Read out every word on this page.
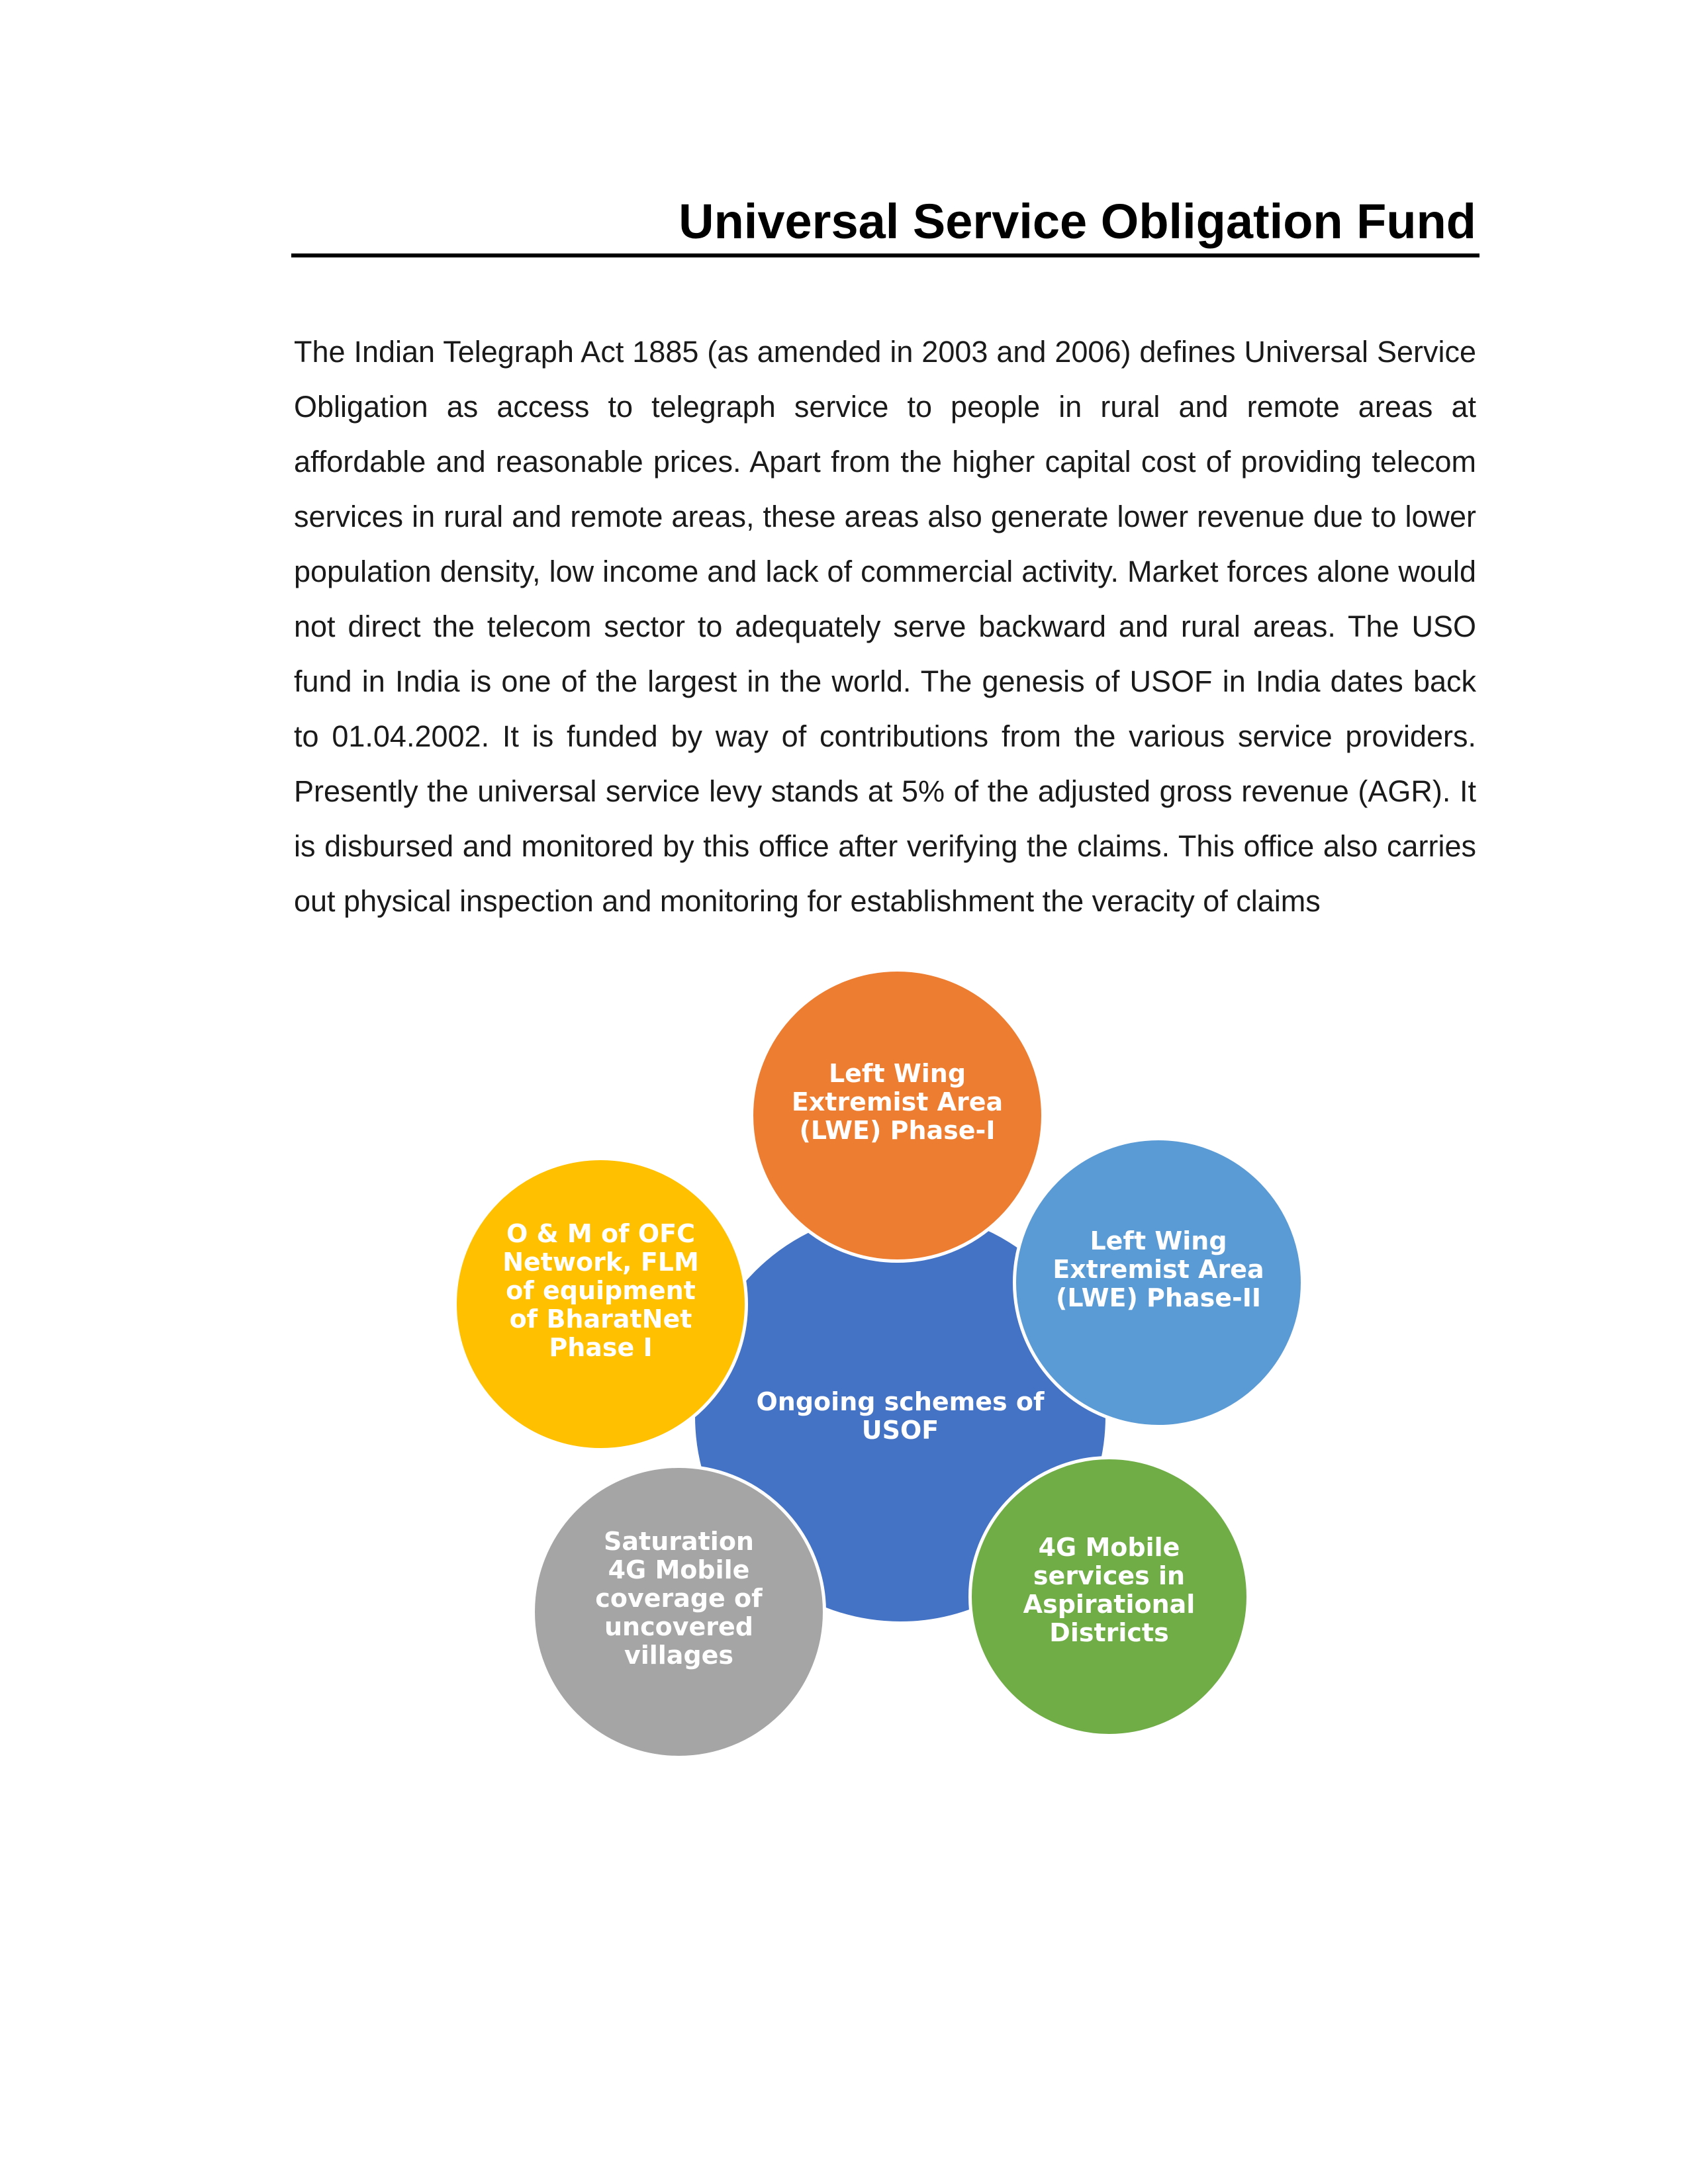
Universal Service Obligation Fund

The Indian Telegraph Act 1885 (as amended in 2003 and 2006) defines Universal Service Obligation as access to telegraph service to people in rural and remote areas at affordable and reasonable prices. Apart from the higher capital cost of providing telecom services in rural and remote areas, these areas also generate lower revenue due to lower population density, low income and lack of commercial activity. Market forces alone would not direct the telecom sector to adequately serve backward and rural areas. The USO fund in India is one of the largest in the world. The genesis of USOF in India dates back to 01.04.2002. It is funded by way of contributions from the various service providers. Presently the universal service levy stands at 5% of the adjusted gross revenue (AGR). It is disbursed and monitored by this office after verifying the claims. This office also carries out physical inspection and monitoring for establishment the veracity of claims

Ongoing schemes of USOF
Left Wing Extremist Area (LWE) Phase-I
Left Wing Extremist Area (LWE) Phase-II
4G Mobile services in Aspirational Districts
Saturation 4G Mobile coverage of uncovered villages
O & M of OFC Network, FLM of equipment of BharatNet Phase I
